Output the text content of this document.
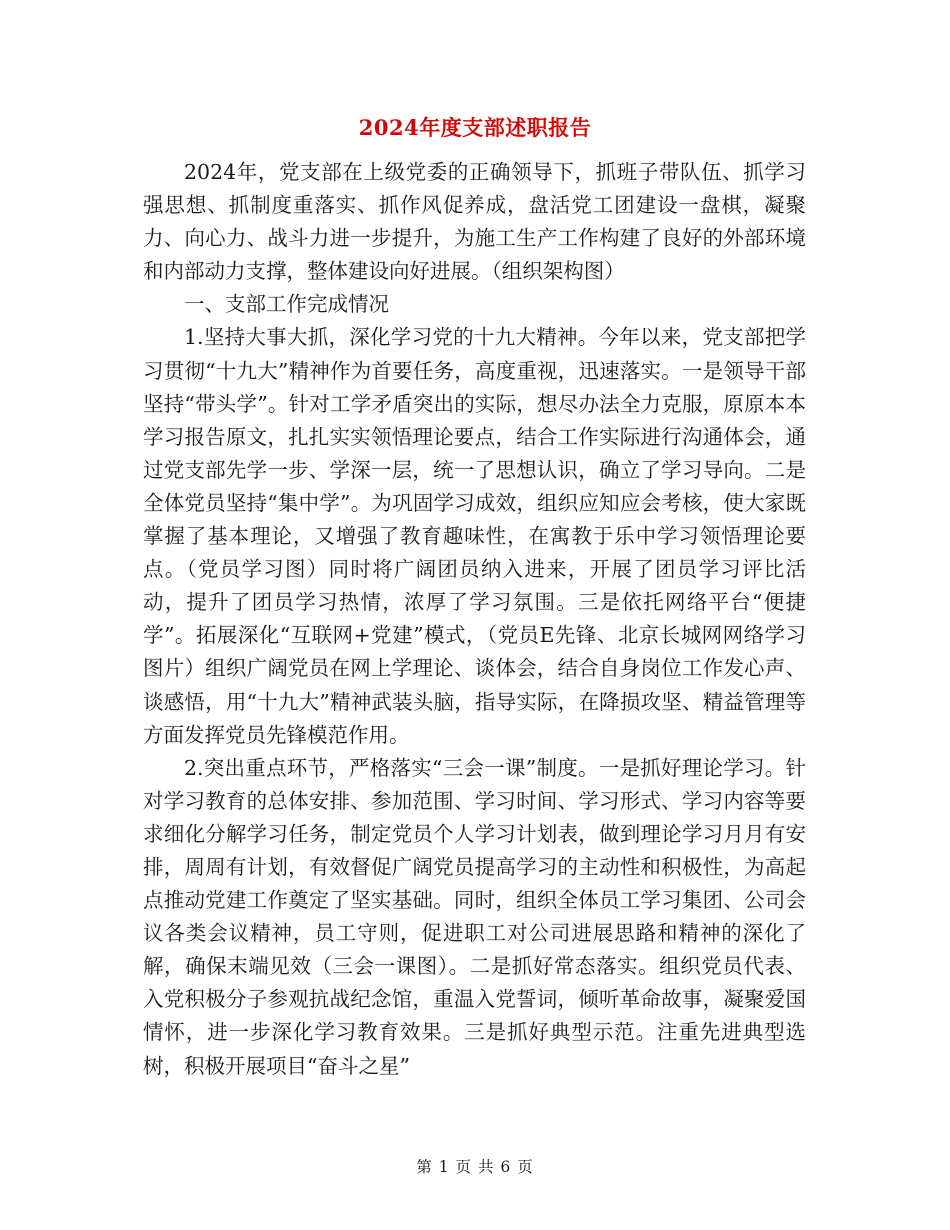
2024年度支部述职报告

2024年，党支部在上级党委的正确领导下，抓班子带队伍、抓学习强思想、抓制度重落实、抓作风促养成，盘活党工团建设一盘棋，凝聚力、向心力、战斗力进一步提升，为施工生产工作构建了良好的外部环境和内部动力支撑，整体建设向好进展。（组织架构图）

一、支部工作完成情况

1.坚持大事大抓，深化学习党的十九大精神。今年以来，党支部把学习贯彻“十九大”精神作为首要任务，高度重视，迅速落实。一是领导干部坚持“带头学”。针对工学矛盾突出的实际，想尽办法全力克服，原原本本学习报告原文，扎扎实实领悟理论要点，结合工作实际进行沟通体会，通过党支部先学一步、学深一层，统一了思想认识，确立了学习导向。二是全体党员坚持“集中学”。为巩固学习成效，组织应知应会考核，使大家既掌握了基本理论，又增强了教育趣味性，在寓教于乐中学习领悟理论要点。（党员学习图）同时将广阔团员纳入进来，开展了团员学习评比活动，提升了团员学习热情，浓厚了学习氛围。三是依托网络平台“便捷学”。拓展深化“互联网+党建”模式，（党员E先锋、北京长城网网络学习图片）组织广阔党员在网上学理论、谈体会，结合自身岗位工作发心声、谈感悟，用“十九大”精神武装头脑，指导实际，在降损攻坚、精益管理等方面发挥党员先锋模范作用。

2.突出重点环节，严格落实“三会一课”制度。一是抓好理论学习。针对学习教育的总体安排、参加范围、学习时间、学习形式、学习内容等要求细化分解学习任务，制定党员个人学习计划表，做到理论学习月月有安排，周周有计划，有效督促广阔党员提高学习的主动性和积极性，为高起点推动党建工作奠定了坚实基础。同时，组织全体员工学习集团、公司会议各类会议精神，员工守则，促进职工对公司进展思路和精神的深化了解，确保末端见效（三会一课图）。二是抓好常态落实。组织党员代表、入党积极分子参观抗战纪念馆，重温入党誓词，倾听革命故事，凝聚爱国情怀，进一步深化学习教育效果。三是抓好典型示范。注重先进典型选树，积极开展项目“奋斗之星”

第 1 页 共 6 页
